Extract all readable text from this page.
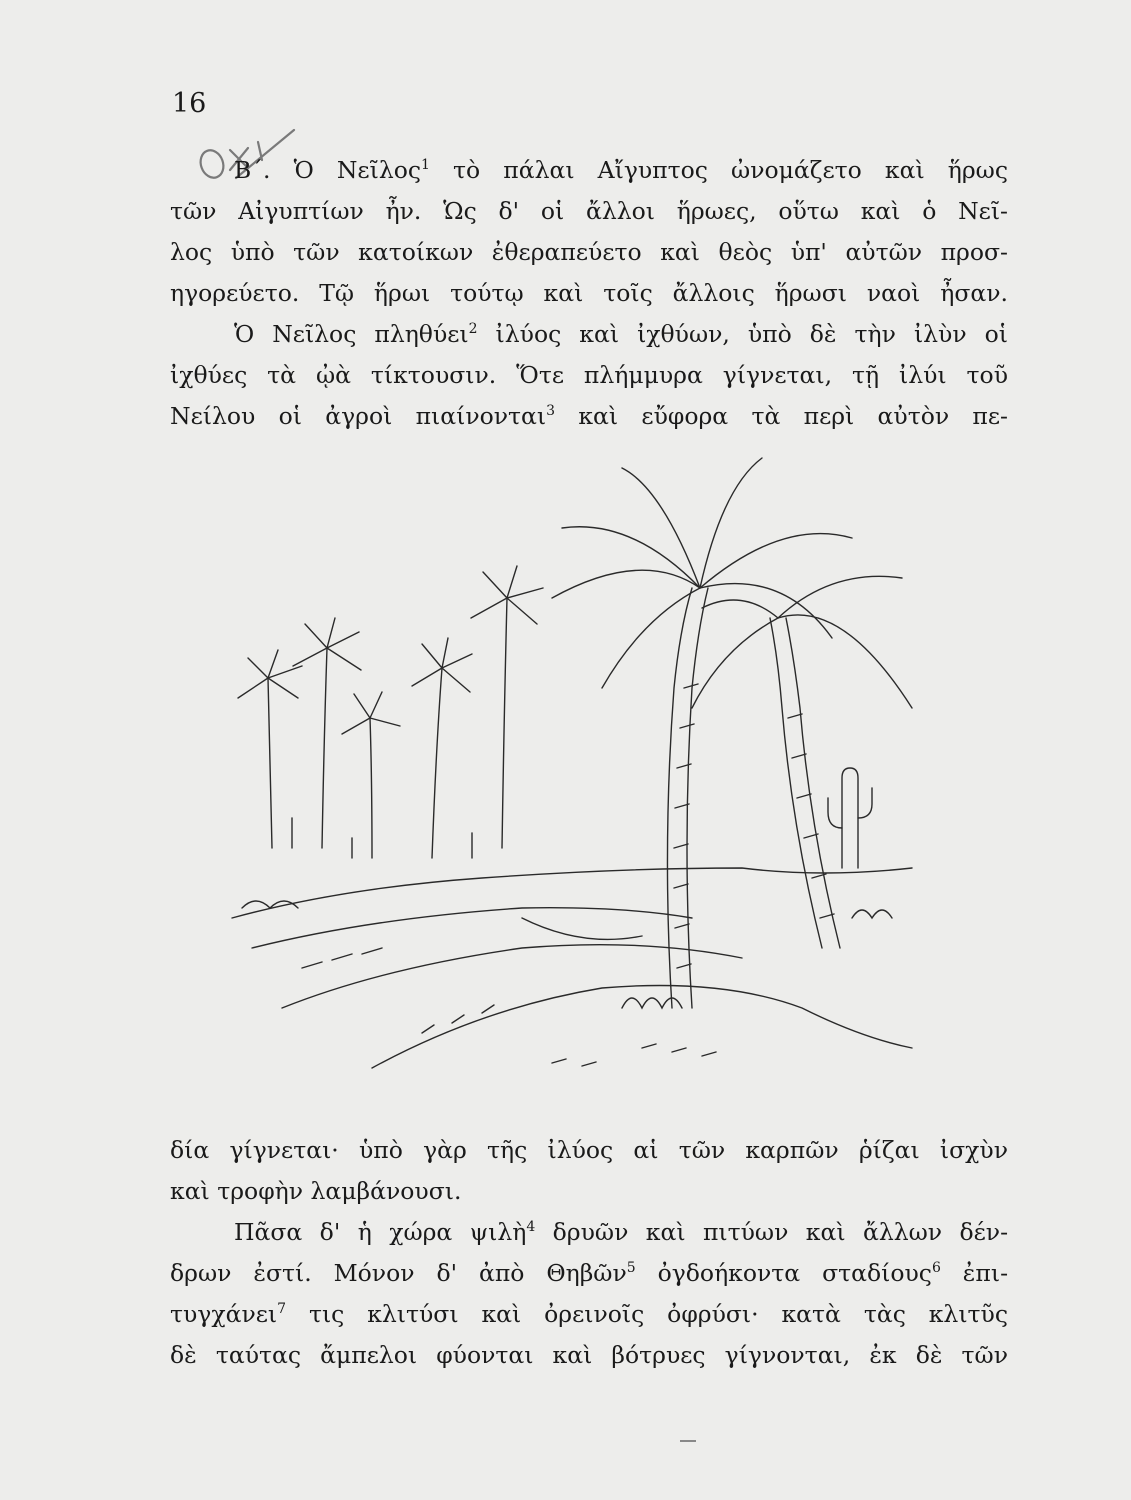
16
Β΄. Ὁ Νεῖλος$^1$ τὸ πάλαι Αἴγυπτος ὠνομάζετο καὶ ἥρως
τῶν Αἰγυπτίων ἦν. Ὡς δ' οἱ ἄλλοι ἥρωες, οὕτω καὶ ὁ Νεῖ-
λος ὑπὸ τῶν κατοίκων ἐθεραπεύετο καὶ θεὸς ὑπ' αὐτῶν προσ-
ηγορεύετο. Τῷ ἥρωι τούτῳ καὶ τοῖς ἄλλοις ἥρωσι ναοὶ ἦσαν.
Ὁ Νεῖλος πληθύει$^2$ ἰλύος καὶ ἰχθύων, ὑπὸ δὲ τὴν ἰλὺν οἱ
ἰχθύες τὰ ᾠὰ τίκτουσιν. Ὅτε πλήμμυρα γίγνεται, τῇ ἰλύι τοῦ
Νείλου οἱ ἀγροὶ πιαίνονται$^3$ καὶ εὔφορα τὰ περὶ αὐτὸν πε-
δία γίγνεται· ὑπὸ γὰρ τῆς ἰλύος αἱ τῶν καρπῶν ῥίζαι ἰσχὺν
καὶ τροφὴν λαμβάνουσι.
Πᾶσα δ' ἡ χώρα ψιλὴ$^4$ δρυῶν καὶ πιτύων καὶ ἄλλων δέν-
δρων ἐστί. Μόνον δ' ἀπὸ Θηβῶν$^5$ ὀγδοήκοντα σταδίους$^6$ ἐπι-
τυγχάνει$^7$ τις κλιτύσι καὶ ὀρεινοῖς ὀφρύσι· κατὰ τὰς κλιτῦς
δὲ ταύτας ἄμπελοι φύονται καὶ βότρυες γίγνονται, ἐκ δὲ τῶν
